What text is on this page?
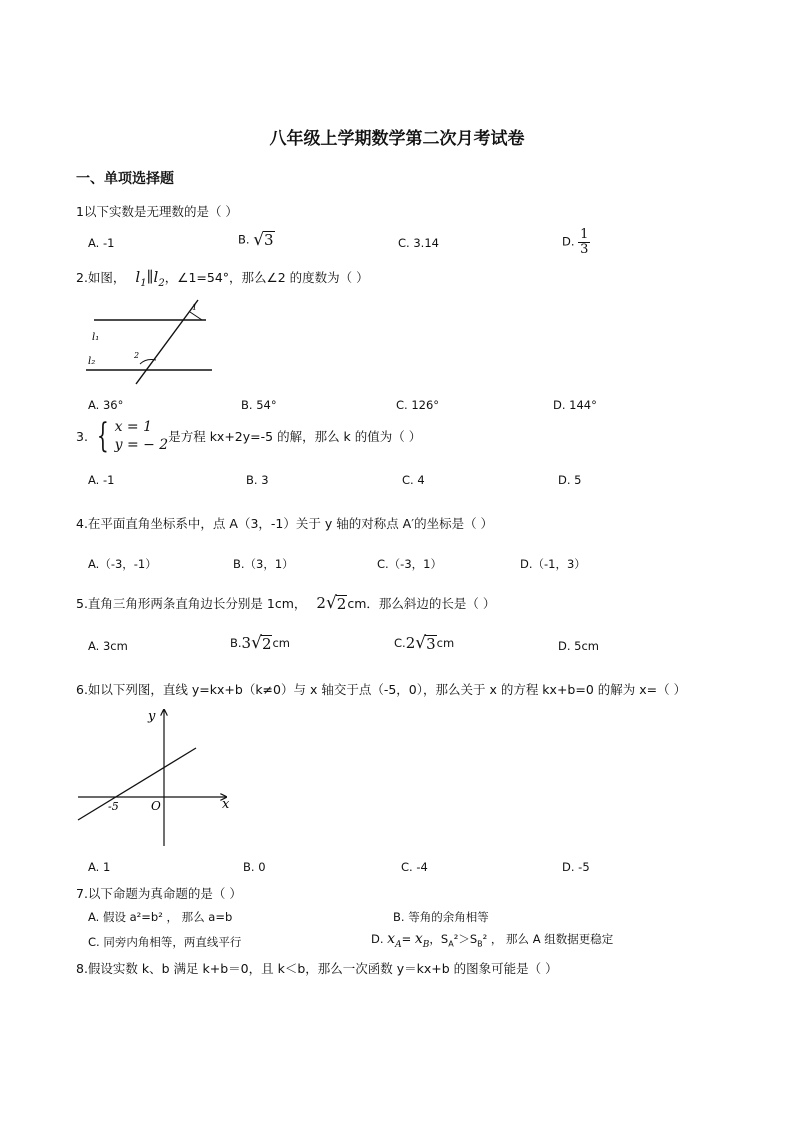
八年级上学期数学第二次月考试卷
一、单项选择题
1以下实数是无理数的是（ ）
A. -1	B. √ 3	C. 3.14	D. $\frac{1}{3}$
2.如图， $l_1\parallel l_2$，∠1=54°，那么∠2 的度数为（ ）
l₁
l₂
1
2
A. 36°	B. 54°	C. 126°	D. 144°
3. { x = 1
y = − 2
是方程 kx+2y=-5 的解，那么 k 的值为（ ）
A. -1	B. 3	C. 4	D. 5
4.在平面直角坐标系中，点 A（3，-1）关于 y 轴的对称点 A′的坐标是（ ）
A.（-3，-1）	B.（3，1）	C.（-3，1）	D.（-1，3）
5.直角三角形两条直角边长分别是 1cm， 2 √ 2 cm．那么斜边的长是（ ）
A. 3cm	B. 3 √ 2 cm	C. 2 √ 3 cm	D. 5cm
6.如以下列图，直线 y=kx+b（k≠0）与 x 轴交于点（-5，0），那么关于 x 的方程 kx+b=0 的解为 x=（ ）
y
x
O
-5
A. 1	B. 0	C. -4	D. -5
7.以下命题为真命题的是（ ）
A. 假设 a²=b² ， 那么 a=b	B. 等角的余角相等
C. 同旁内角相等，两直线平行	D. $x_A= x_B$，$S_A^2>S_B^2$ ， 那么 A 组数据更稳定
8.假设实数 k、b 满足 k+b＝0，且 k＜b，那么一次函数 y＝kx+b 的图象可能是（ ）
